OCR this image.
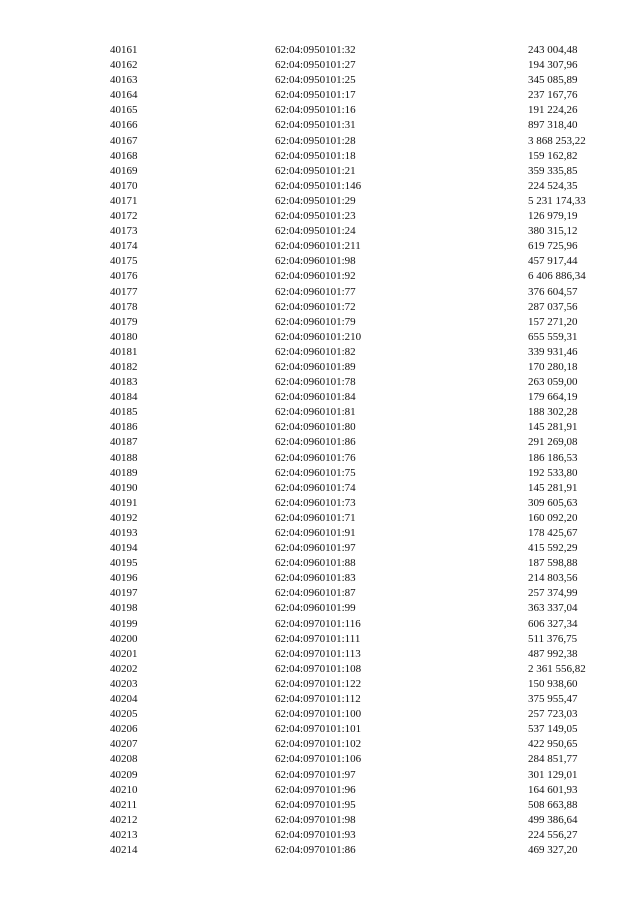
40161	62:04:0950101:32	243 004,48
40162	62:04:0950101:27	194 307,96
40163	62:04:0950101:25	345 085,89
40164	62:04:0950101:17	237 167,76
40165	62:04:0950101:16	191 224,26
40166	62:04:0950101:31	897 318,40
40167	62:04:0950101:28	3 868 253,22
40168	62:04:0950101:18	159 162,82
40169	62:04:0950101:21	359 335,85
40170	62:04:0950101:146	224 524,35
40171	62:04:0950101:29	5 231 174,33
40172	62:04:0950101:23	126 979,19
40173	62:04:0950101:24	380 315,12
40174	62:04:0960101:211	619 725,96
40175	62:04:0960101:98	457 917,44
40176	62:04:0960101:92	6 406 886,34
40177	62:04:0960101:77	376 604,57
40178	62:04:0960101:72	287 037,56
40179	62:04:0960101:79	157 271,20
40180	62:04:0960101:210	655 559,31
40181	62:04:0960101:82	339 931,46
40182	62:04:0960101:89	170 280,18
40183	62:04:0960101:78	263 059,00
40184	62:04:0960101:84	179 664,19
40185	62:04:0960101:81	188 302,28
40186	62:04:0960101:80	145 281,91
40187	62:04:0960101:86	291 269,08
40188	62:04:0960101:76	186 186,53
40189	62:04:0960101:75	192 533,80
40190	62:04:0960101:74	145 281,91
40191	62:04:0960101:73	309 605,63
40192	62:04:0960101:71	160 092,20
40193	62:04:0960101:91	178 425,67
40194	62:04:0960101:97	415 592,29
40195	62:04:0960101:88	187 598,88
40196	62:04:0960101:83	214 803,56
40197	62:04:0960101:87	257 374,99
40198	62:04:0960101:99	363 337,04
40199	62:04:0970101:116	606 327,34
40200	62:04:0970101:111	511 376,75
40201	62:04:0970101:113	487 992,38
40202	62:04:0970101:108	2 361 556,82
40203	62:04:0970101:122	150 938,60
40204	62:04:0970101:112	375 955,47
40205	62:04:0970101:100	257 723,03
40206	62:04:0970101:101	537 149,05
40207	62:04:0970101:102	422 950,65
40208	62:04:0970101:106	284 851,77
40209	62:04:0970101:97	301 129,01
40210	62:04:0970101:96	164 601,93
40211	62:04:0970101:95	508 663,88
40212	62:04:0970101:98	499 386,64
40213	62:04:0970101:93	224 556,27
40214	62:04:0970101:86	469 327,20
